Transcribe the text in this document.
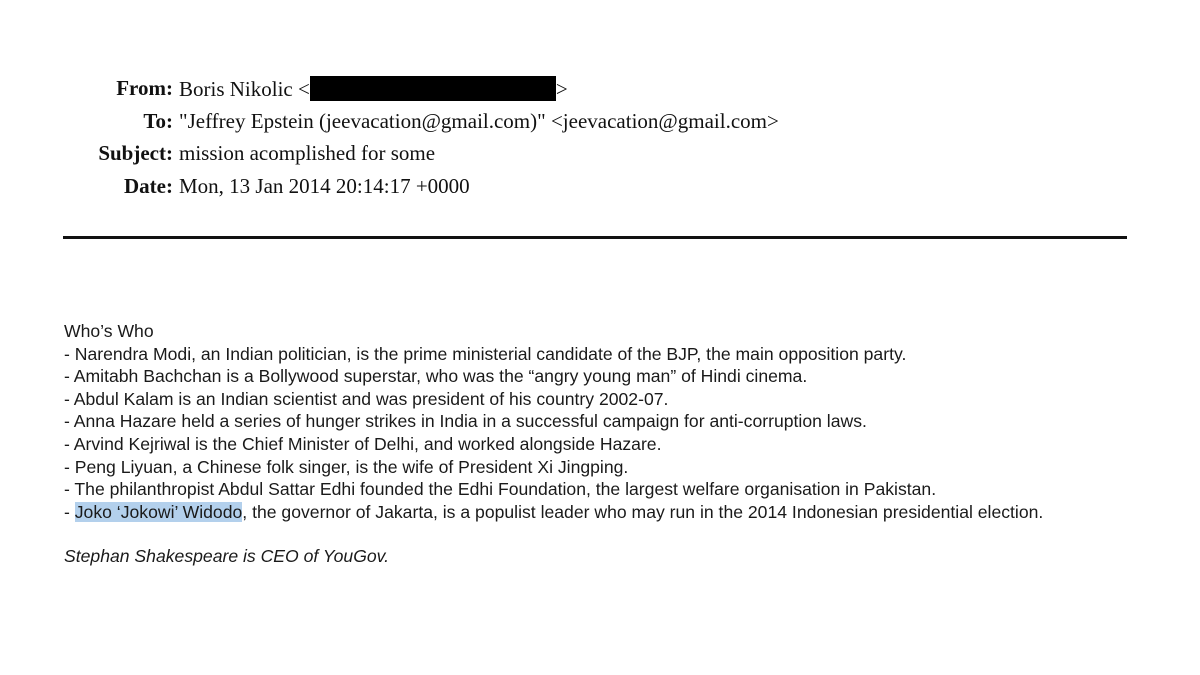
From: Boris Nikolic <	>
To: "Jeffrey Epstein (jeevacation@gmail.com)" <jeevacation@gmail.com>
Subject: mission acomplished for some
Date: Mon, 13 Jan 2014 20:14:17 +0000
Who’s Who
- Narendra Modi, an Indian politician, is the prime ministerial candidate of the BJP, the main opposition party.
- Amitabh Bachchan is a Bollywood superstar, who was the “angry young man” of Hindi cinema.
- Abdul Kalam is an Indian scientist and was president of his country 2002-07.
- Anna Hazare held a series of hunger strikes in India in a successful campaign for anti-corruption laws.
- Arvind Kejriwal is the Chief Minister of Delhi, and worked alongside Hazare.
- Peng Liyuan, a Chinese folk singer, is the wife of President Xi Jingping.
- The philanthropist Abdul Sattar Edhi founded the Edhi Foundation, the largest welfare organisation in Pakistan.
- Joko ‘Jokowi’ Widodo, the governor of Jakarta, is a populist leader who may run in the 2014 Indonesian presidential election.
Stephan Shakespeare is CEO of YouGov.
